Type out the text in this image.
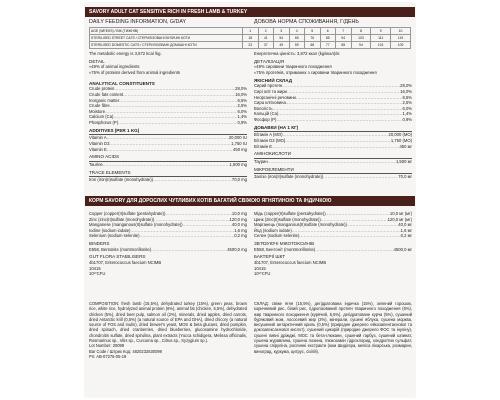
SAVORY ADULT CAT SENSITIVE RICH IN FRESH LAMB & TURKEY
DAILY FEEDING INFORMATION, G/DAY	ДОБОВА НОРМА СПОЖИВАННЯ, Г/ДЕНЬ
AGE (WEEKS) / ВІК (ТИЖНІВ)	1	2	3	4	5	6	7	8	9	10
STERILISED STREET CATS / СТЕРИЛІЗОВАНІ ВУЛИЧНІ КОТИ	18	41	54	65	76	85	94	103	111	119
STERILISED DOMESTIC CATS / СТЕРИЛІЗОВАНІ ДОМАШНІ КОТИ	23	37	49	59	68	77	85	94	101	109
The metabolic energy is 3,872 kcal /kg.
DETAIL
≈49% of animal ingredients
≈75% of proteins derived from animal ingredients
ANALYTICAL CONSTITUENTS
Crude protein .....	28,0%
Crude fats content .....	16,0%
Inorganic matter .....	6,5%
Crude fibre .....	2,5%
Moisture .....	6,0%
Calcium (Ca) .....	1,4%
Phosphorus (P) .....	0,9%
ADDITIVES (PER 1 KG)
Vitamin A .....	20,000 IU
Vitamin D3 .....	1,750 IU
Vitamin E .....	450 mg
AMINO ACIDS
Taurine .....	1,500 mg
TRACE ELEMENTS
Iron (iron(II)sulfate (monohydrate)) .....	70,0 mg
Енергетична цінність: 3,872 ккал (kg/ккал)/кг.
ДЕТАЛІЗАЦІЯ
≈49% сировини тваринного походження
≈75% протеїнів, отриманих з сировини тваринного походження
ЯКІСНИЙ СКЛАД
Сирий протеїн .....	28,0%
Сирі олії та жири .....	16,0%
Неорганічні речовини .....	6,5%
Сира клітковина .....	2,5%
Вологість .....	6,0%
Кальцій (Ca) .....	1,4%
Фосфор (P) .....	0,9%
ДОБАВКИ (НА 1 КГ)
Вітамін A (МО) .....	20,000 (МО)
Вітамін D3 (МО) .....	1,750 (МО)
Вітамін E .....	450 мг
АМІНОКИСЛОТИ
Таурин .....	1,500 мг
МІКРОЕЛЕМЕНТИ
Залізо (iron(II)sulfate (monohydrate)) .....	70,0 мг
КОРМ SAVORY ДЛЯ ДОРОСЛИХ ЧУТЛИВИХ КОТІВ БАГАТИЙ СВІЖОЮ ЯГНЯТИНОЮ ТА ІНДИЧКОЮ
Copper (copper(II)sulfate (pentahydrate)) .....	10,0 mg
Zinc (zinc(II)sulfate (monohydrate)) .....	120,0 mg
Manganese (manganous(II)sulfate (monohydrate)) .....	40,0 mg
Iodine (sodium iodate) .....	1,6 mg
Selenium (sodium selenite) .....	0,2 mg
BINDERS
E558, Bentonite (montmorillonite) .....	4500,0 mg
GUT FLORA STABILISERS
4b1707, Enterococcus faecium NCIMB
10415
10¹⁰CFU
Мідь (copper(II)sulfate (pentahydrate)) .....	10,0 мг (мг)
Цинк (zinc(II)sulfate (monohydrate)) .....	120,0 мг (мг)
Марганець (manganous(II)sulfate (monohydrate)) .....	40,0 мг
Йод (sodium iodate) .....	1,6 мг
Селен (sodium selenite) .....	0,2 мг
ЗВ'ЯЗУЮЧІ МІКОТОКСИНІВ
E558, Бентоніт (montmorillonite) .....	4500,0 мг
БАКТЕРІЇ ШКТ
4b1707, Enterococcus faecium NCIMB
10415
10¹⁰CFU
COMPOSITION: fresh lamb (15,5%), dehydrated turkey (15%), green peas, brown rice, white rice, hydrolyzed animal protein (6%), animal fat (chicken, 5,5%), dehydrated chicken (5%), dried beet pulp, salmon oil (2%), minerals, dried apples, dried carrots, dried Antarctic krill (0,5%) (a natural source of EPA and DHA), dried chicory (a natural source of FOS and inulin), dried brewer's yeast, MOS & beta glucans, dried pumpkin, dried spinach, dried cranberries, dried blueberries, glucosamine hydrochloride, chondroitin sulfate, dried spirulina, plant extracts (Yucca schidigera, Melissa officinalis, Rosmarinus sp., Vitis sp., Curcuma sp., Citrus sp., Syzygium sp.).
Lot Number: 30099
Bar Code / Штрих Код: 4820232630099
Рп: АВ-07276-05-19
СКЛАД: свіже ягня (15,5%), дегідратована індичка (15%), зелений горошок, коричневий рис, білий рис, гідролізований протеїн тваринного походження (6%), жир тваринного походження (курячий, 5,5%), дегідратоване курча (5%), сушений буряковий жом, лососевий жир (2%), мінерали, сушені яблука, сушена морква, висушений антарктичний криль (0,5%) (природне джерело ейкозапентаєнової та докозагексаєнової кислот), сушений цикорій (природне джерело ФОС та інуліну), сушені пивні дріжджі, МОС та бета-глюкани, сушений гарбуз, сушений шпинат, сушена журавлина, сушена лохина, глюкозамін гідрохлорид, хондроїтин сульфат, сушена спіруліна, рослинні екстракти (юки Шидігера, меліса лікарська, розмарин, виноград, куркума, цитрус, сізігій).
